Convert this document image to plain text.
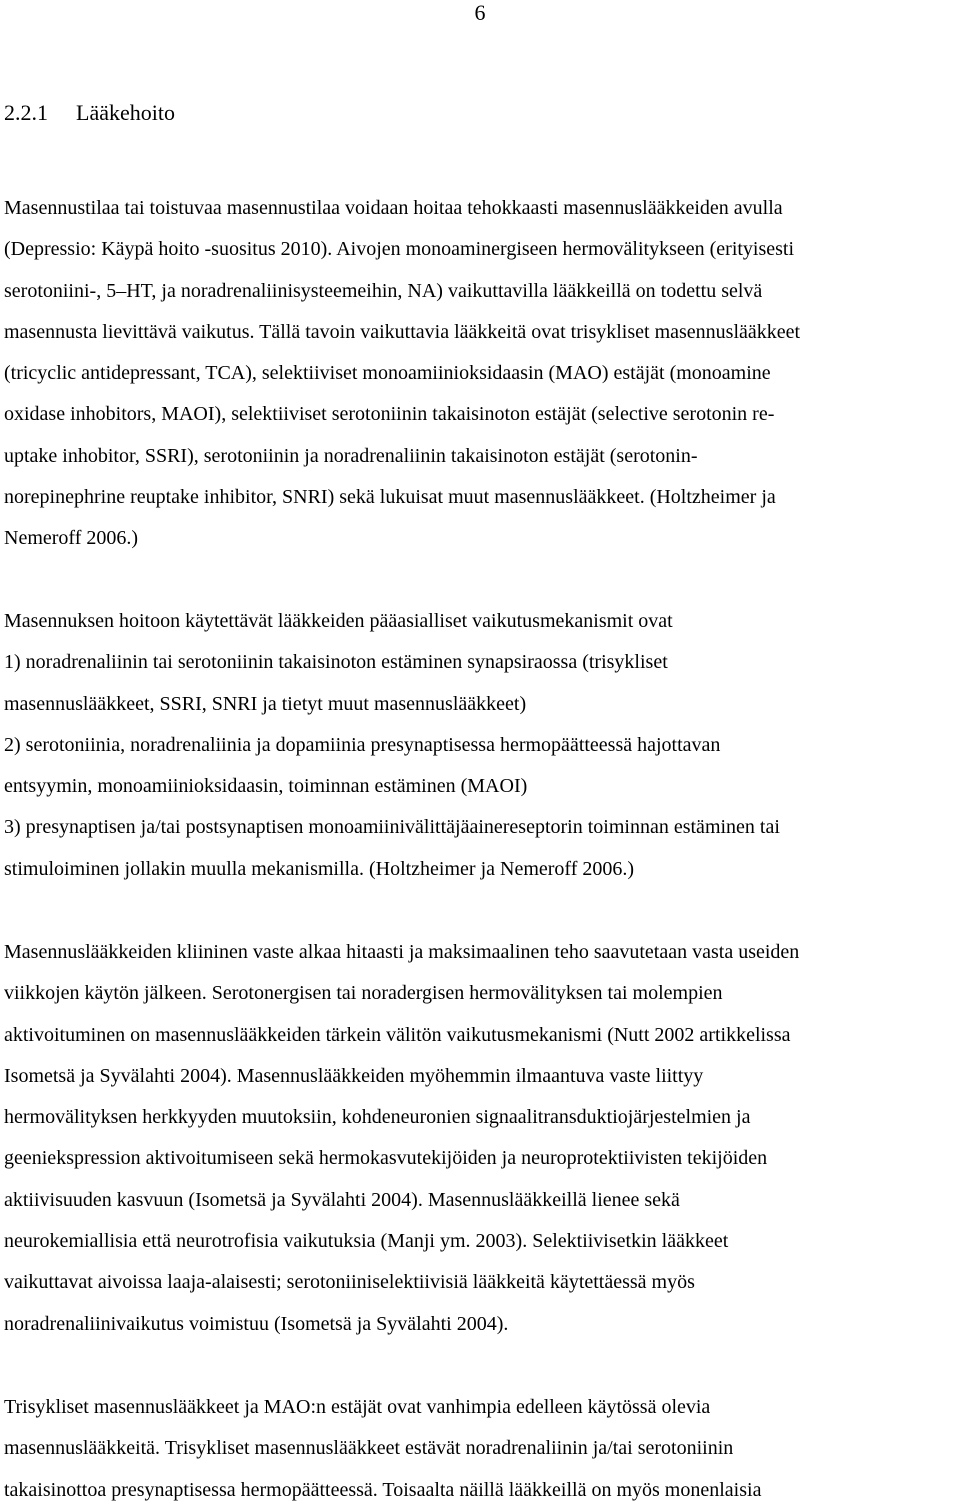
6
2.2.1 Lääkehoito

Masennustilaa tai toistuvaa masennustilaa voidaan hoitaa tehokkaasti masennuslääkkeiden avulla
(Depressio: Käypä hoito -suositus 2010). Aivojen monoaminergiseen hermovälitykseen (erityisesti
serotoniini-, 5–HT, ja noradrenaliinisysteemeihin, NA) vaikuttavilla lääkkeillä on todettu selvä
masennusta lievittävä vaikutus. Tällä tavoin vaikuttavia lääkkeitä ovat trisykliset masennuslääkkeet
(tricyclic antidepressant, TCA), selektiiviset monoamiinioksidaasin (MAO) estäjät (monoamine
oxidase inhobitors, MAOI), selektiiviset serotoniinin takaisinoton estäjät (selective serotonin re-
uptake inhobitor, SSRI), serotoniinin ja noradrenaliinin takaisinoton estäjät (serotonin-
norepinephrine reuptake inhibitor, SNRI) sekä lukuisat muut masennuslääkkeet. (Holtzheimer ja
Nemeroff 2006.)

Masennuksen hoitoon käytettävät lääkkeiden pääasialliset vaikutusmekanismit ovat
1) noradrenaliinin tai serotoniinin takaisinoton estäminen synapsiraossa (trisykliset
masennuslääkkeet, SSRI, SNRI ja tietyt muut masennuslääkkeet)
2) serotoniinia, noradrenaliinia ja dopamiinia presynaptisessa hermopäätteessä hajottavan
entsyymin, monoamiinioksidaasin, toiminnan estäminen (MAOI)
3) presynaptisen ja/tai postsynaptisen monoamiinivälittäjäainereseptorin toiminnan estäminen tai
stimuloiminen jollakin muulla mekanismilla. (Holtzheimer ja Nemeroff 2006.)

Masennuslääkkeiden kliininen vaste alkaa hitaasti ja maksimaalinen teho saavutetaan vasta useiden
viikkojen käytön jälkeen. Serotonergisen tai noradergisen hermovälityksen tai molempien
aktivoituminen on masennuslääkkeiden tärkein välitön vaikutusmekanismi (Nutt 2002 artikkelissa
Isometsä ja Syvälahti 2004). Masennuslääkkeiden myöhemmin ilmaantuva vaste liittyy
hermovälityksen herkkyyden muutoksiin, kohdeneuronien signaalitransduktiojärjestelmien ja
geeniekspression aktivoitumiseen sekä hermokasvutekijöiden ja neuroprotektiivisten tekijöiden
aktiivisuuden kasvuun (Isometsä ja Syvälahti 2004). Masennuslääkkeillä lienee sekä
neurokemiallisia että neurotrofisia vaikutuksia (Manji ym. 2003). Selektiivisetkin lääkkeet
vaikuttavat aivoissa laaja-alaisesti; serotoniiniselektiivisiä lääkkeitä käytettäessä myös
noradrenaliinivaikutus voimistuu (Isometsä ja Syvälahti 2004).

Trisykliset masennuslääkkeet ja MAO:n estäjät ovat vanhimpia edelleen käytössä olevia
masennuslääkkeitä. Trisykliset masennuslääkkeet estävät noradrenaliinin ja/tai serotoniinin
takaisinottoa presynaptisessa hermopäätteessä. Toisaalta näillä lääkkeillä on myös monenlaisia
